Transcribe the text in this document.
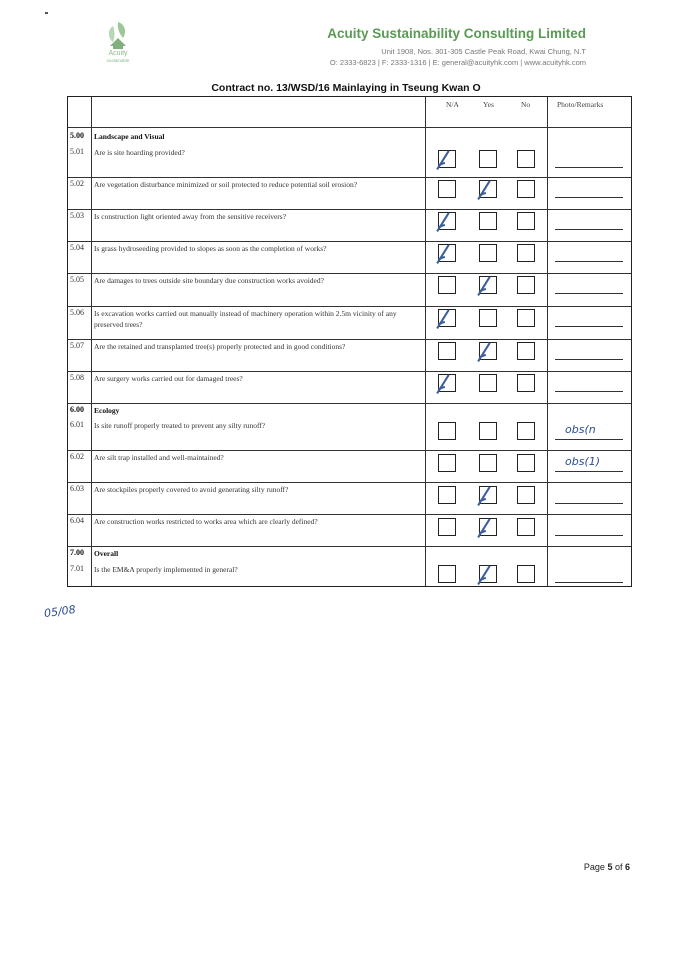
Acuity
sustainable
Acuity Sustainability Consulting Limited
Unit 1908, Nos. 301-305 Castle Peak Road, Kwai Chung, N.T
O: 2333-6823 | F: 2333-1316 | E: general@acuityhk.com | www.acuityhk.com
Contract no. 13/WSD/16 Mainlaying in Tseung Kwan O
N/A	Yes	No	Photo/Remarks
5.00 Landscape and Visual
5.01 Are is site hoarding provided?
5.02 Are vegetation disturbance minimized or soil protected to reduce potential soil erosion?
5.03 Is construction light oriented away from the sensitive receivers?
5.04 Is grass hydroseeding provided to slopes as soon as the completion of works?
5.05 Are damages to trees outside site boundary due construction works avoided?
5.06 Is excavation works carried out manually instead of machinery operation within 2.5m vicinity of any preserved trees?
5.07 Are the retained and transplanted tree(s) properly protected and in good conditions?
5.08 Are surgery works carried out for damaged trees?
6.00 Ecology
6.01 Is site runoff properly treated to prevent any silty runoff?	obs(n
6.02 Are silt trap installed and well-maintained?	obs(1)
6.03 Are stockpiles properly covered to avoid generating silty runoff?
6.04 Are construction works restricted to works area which are clearly defined?
7.00 Overall
7.01 Is the EM&A properly implemented in general?
05/08
Page 5 of 6
